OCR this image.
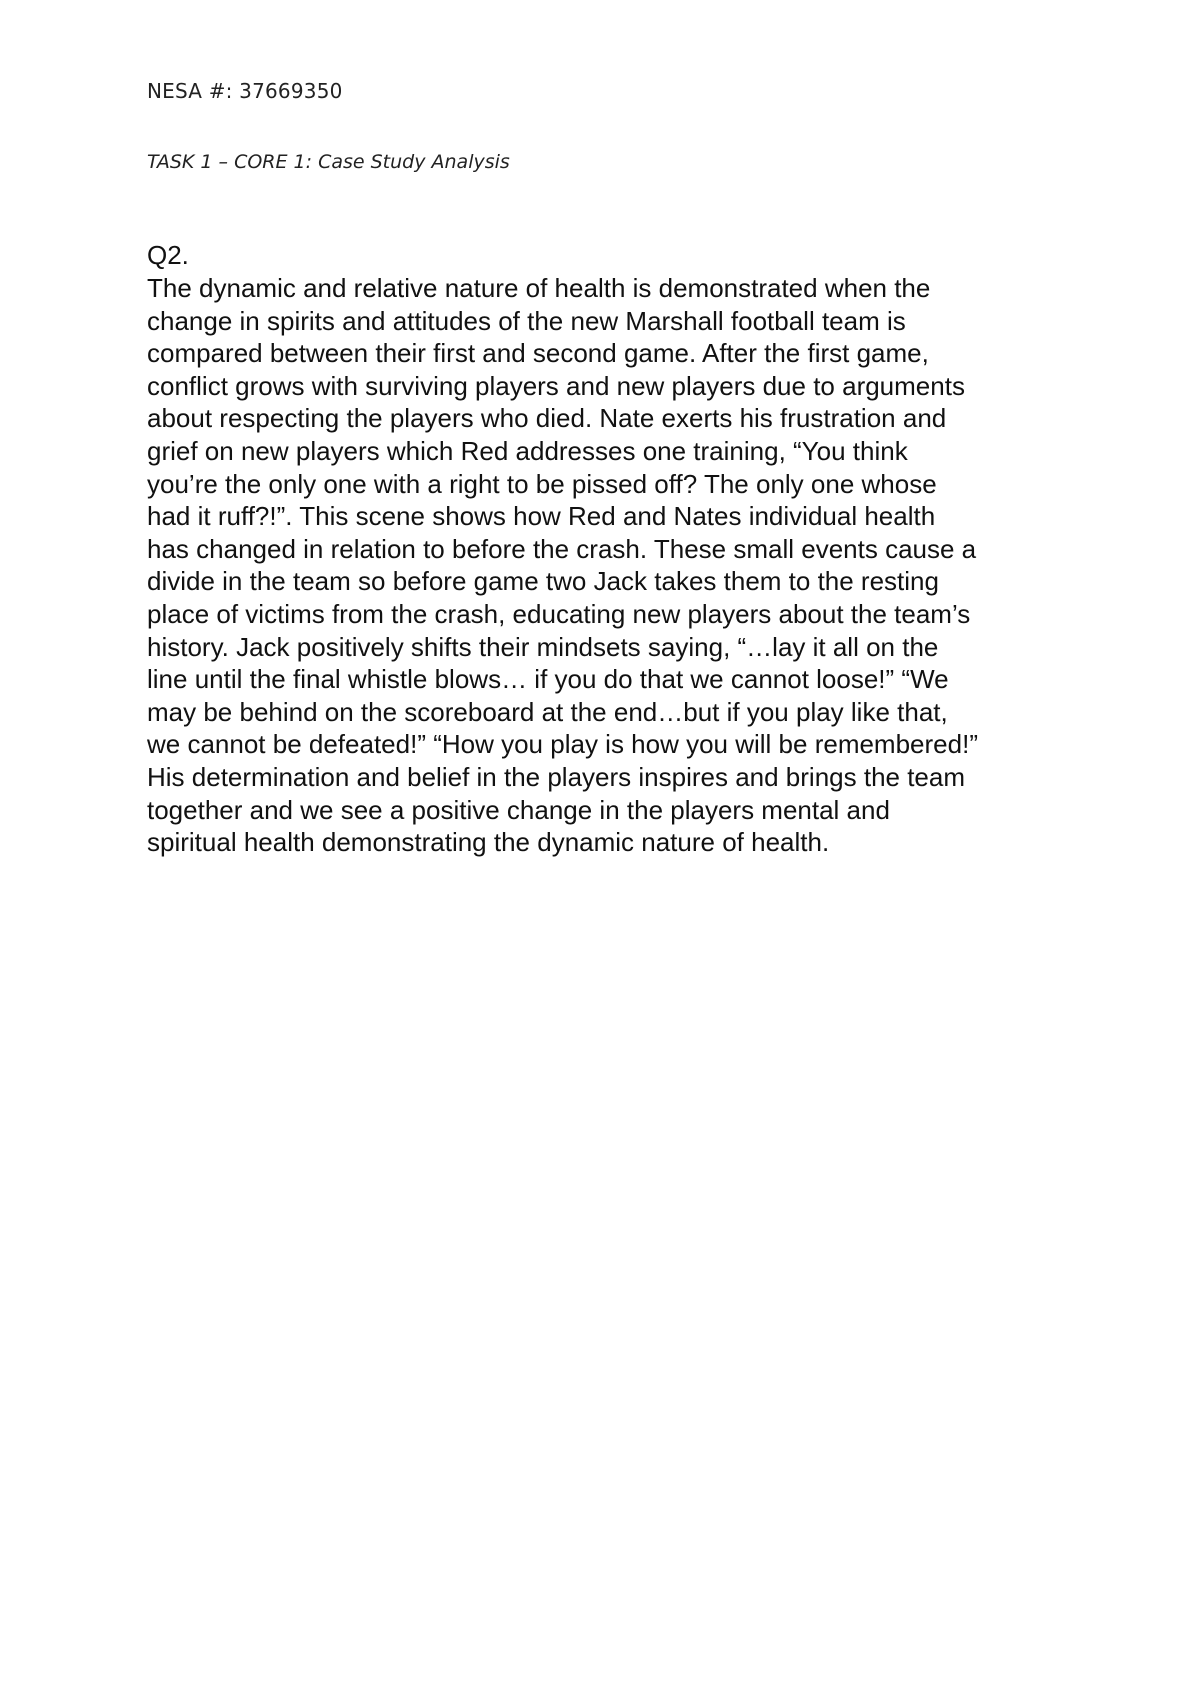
NESA #: 37669350
TASK 1 – CORE 1: Case Study Analysis
Q2.
The dynamic and relative nature of health is demonstrated when the
change in spirits and attitudes of the new Marshall football team is
compared between their first and second game. After the first game,
conflict grows with surviving players and new players due to arguments
about respecting the players who died. Nate exerts his frustration and
grief on new players which Red addresses one training, “You think
you’re the only one with a right to be pissed off? The only one whose
had it ruff?!”. This scene shows how Red and Nates individual health
has changed in relation to before the crash. These small events cause a
divide in the team so before game two Jack takes them to the resting
place of victims from the crash, educating new players about the team’s
history. Jack positively shifts their mindsets saying, “…lay it all on the
line until the final whistle blows… if you do that we cannot loose!” “We
may be behind on the scoreboard at the end…but if you play like that,
we cannot be defeated!” “How you play is how you will be remembered!”
His determination and belief in the players inspires and brings the team
together and we see a positive change in the players mental and
spiritual health demonstrating the dynamic nature of health.
